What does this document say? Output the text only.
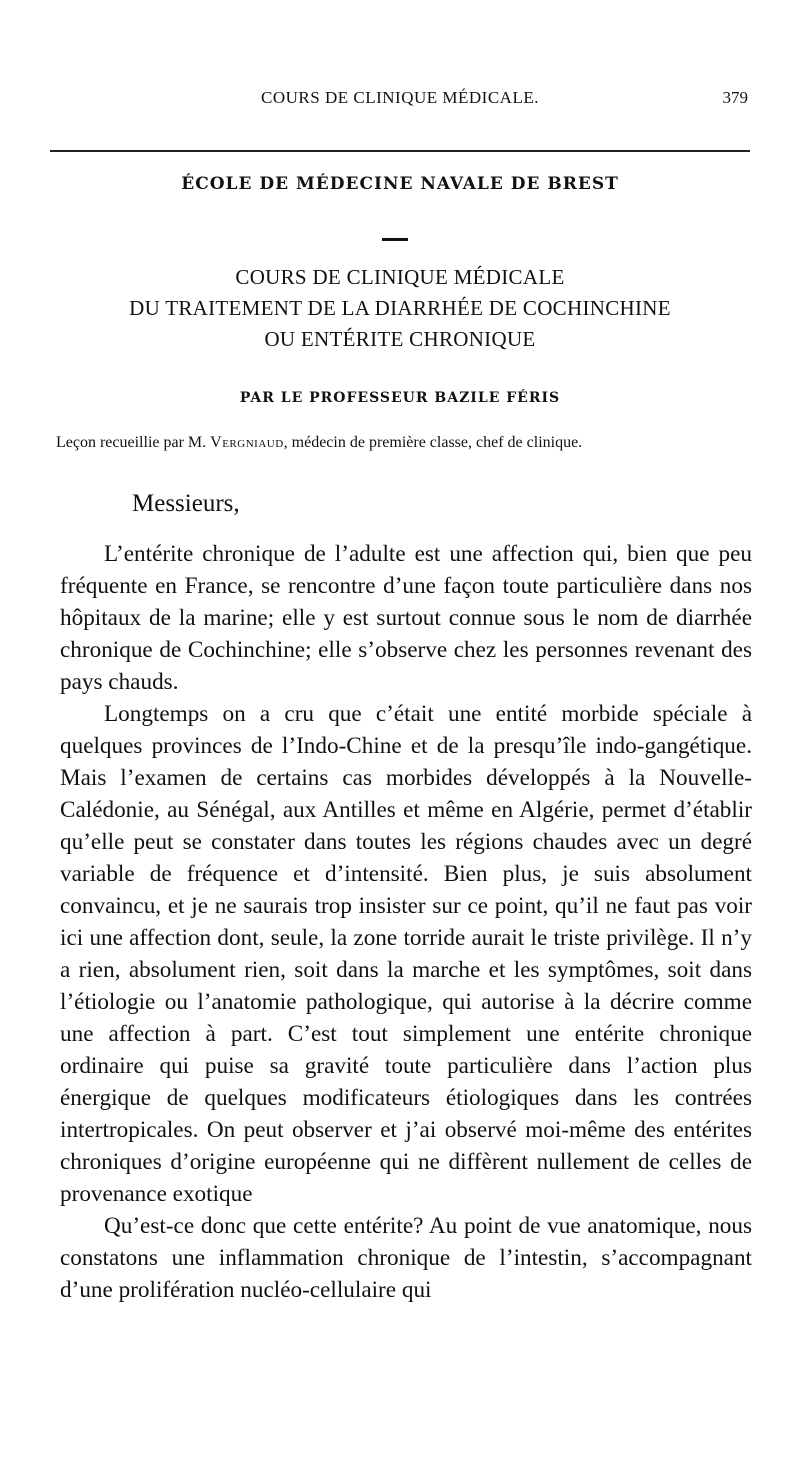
COURS DE CLINIQUE MÉDICALE.	379
ÉCOLE DE MÉDECINE NAVALE DE BREST
COURS DE CLINIQUE MÉDICALE
DU TRAITEMENT DE LA DIARRHÉE DE COCHINCHINE
OU ENTÉRITE CHRONIQUE
PAR LE PROFESSEUR BAZILE FÉRIS
Leçon recueillie par M. Vergniaud, médecin de première classe, chef de clinique.
Messieurs,

L’entérite chronique de l’adulte est une affection qui, bien que peu fréquente en France, se rencontre d’une façon toute particulière dans nos hôpitaux de la marine; elle y est surtout connue sous le nom de diarrhée chronique de Cochinchine; elle s’observe chez les personnes revenant des pays chauds.

Longtemps on a cru que c’était une entité morbide spéciale à quelques provinces de l’Indo-Chine et de la presqu’île indo-gangétique. Mais l’examen de certains cas morbides développés à la Nouvelle-Calédonie, au Sénégal, aux Antilles et même en Algérie, permet d’établir qu’elle peut se constater dans toutes les régions chaudes avec un degré variable de fréquence et d’intensité. Bien plus, je suis absolument convaincu, et je ne saurais trop insister sur ce point, qu’il ne faut pas voir ici une affection dont, seule, la zone torride aurait le triste privilège. Il n’y a rien, absolument rien, soit dans la marche et les symptômes, soit dans l’étiologie ou l’anatomie pathologique, qui autorise à la décrire comme une affection à part. C’est tout simplement une entérite chronique ordinaire qui puise sa gravité toute particulière dans l’action plus énergique de quelques modificateurs étiologiques dans les contrées intertropicales. On peut observer et j’ai observé moi-même des entérites chroniques d’origine européenne qui ne diffèrent nullement de celles de provenance exotique

Qu’est-ce donc que cette entérite? Au point de vue anatomique, nous constatons une inflammation chronique de l’intestin, s’accompagnant d’une prolifération nucléo-cellulaire qui
